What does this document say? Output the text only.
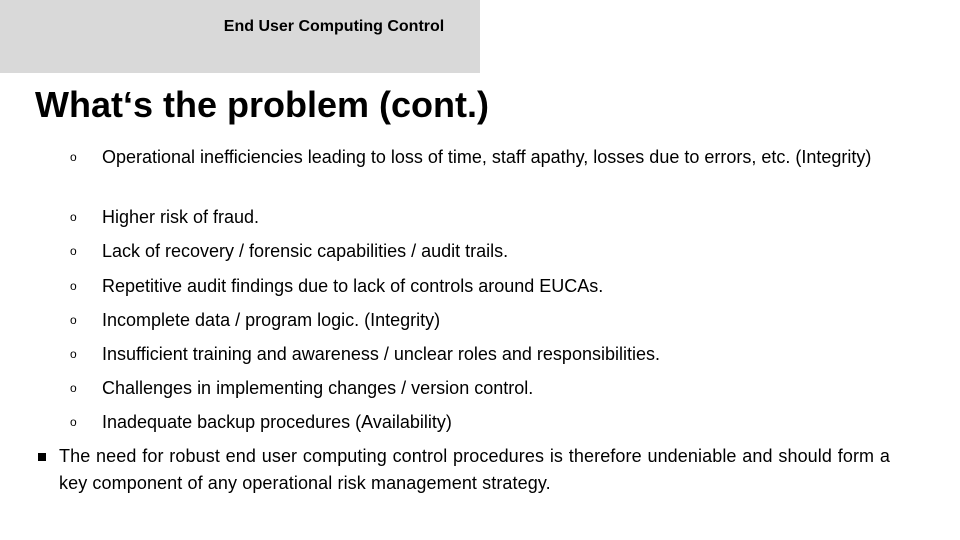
End User Computing Control
What‘s the problem (cont.)
o Operational inefficiencies leading to loss of time, staff apathy, losses due to errors, etc. (Integrity)
o Higher risk of fraud.
o Lack of recovery / forensic capabilities / audit trails.
o Repetitive audit findings due to lack of controls around EUCAs.
o Incomplete data / program logic. (Integrity)
o Insufficient training and awareness / unclear roles and responsibilities.
o Challenges in implementing changes / version control.
o Inadequate backup procedures (Availability)
The need for robust end user computing control procedures is therefore undeniable and should form a key component of any operational risk management strategy.
